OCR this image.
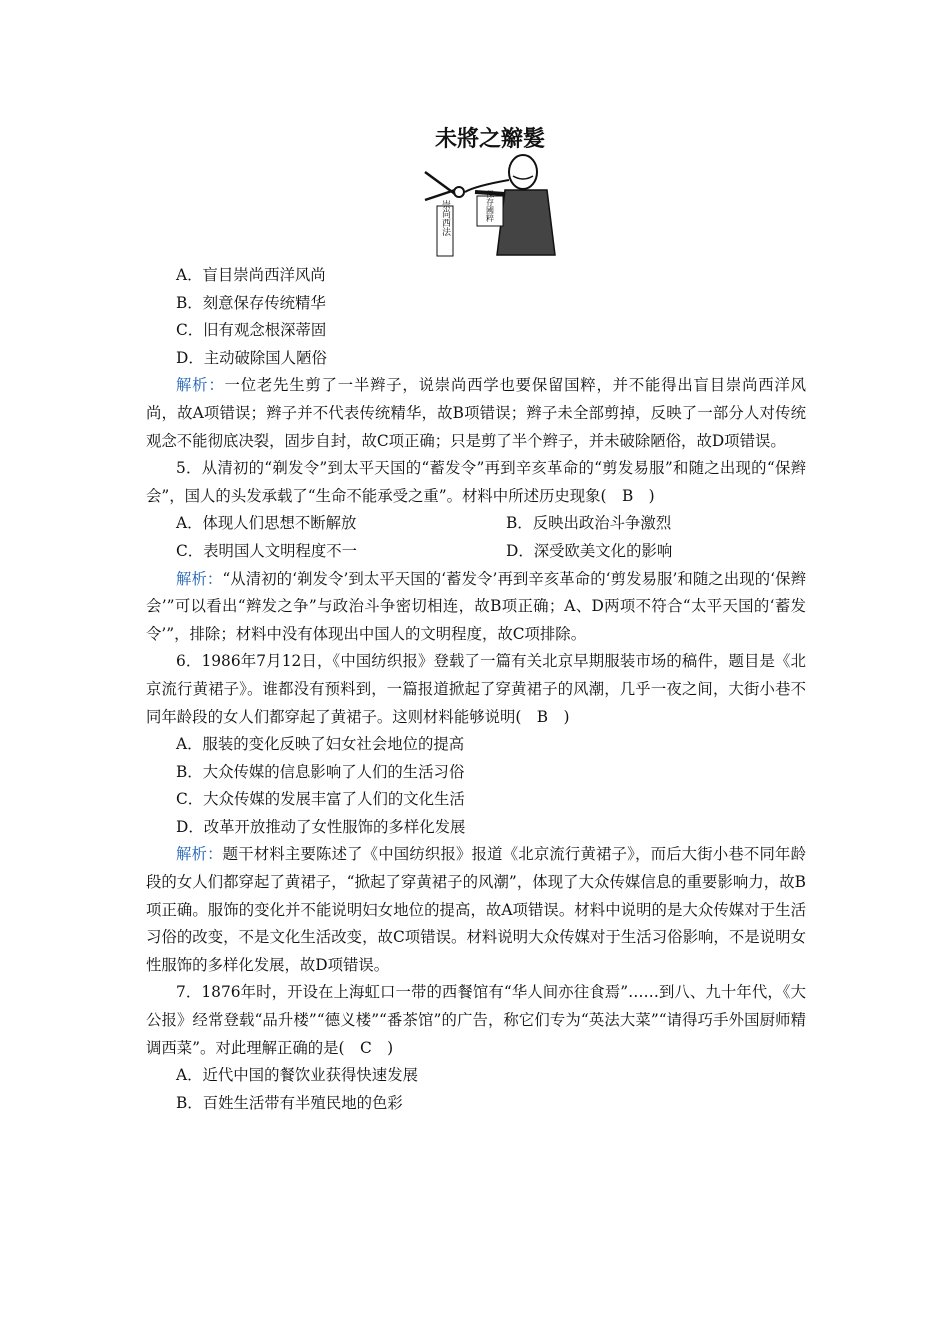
未將之辮髮
崇尚西法	保存國粹
A．盲目崇尚西洋风尚
B．刻意保存传统精华
C．旧有观念根深蒂固
D．主动破除国人陋俗
解析：一位老先生剪了一半辫子，说崇尚西学也要保留国粹，并不能得出盲目崇尚西洋风尚，故A项错误；辫子并不代表传统精华，故B项错误；辫子未全部剪掉，反映了一部分人对传统观念不能彻底决裂，固步自封，故C项正确；只是剪了半个辫子，并未破除陋俗，故D项错误。
5．从清初的“剃发令”到太平天国的“蓄发令”再到辛亥革命的“剪发易服”和随之出现的“保辫会”，国人的头发承载了“生命不能承受之重”。材料中所述历史现象(　B　)
A．体现人们思想不断解放	B．反映出政治斗争激烈
C．表明国人文明程度不一	D．深受欧美文化的影响
解析：“从清初的‘剃发令’到太平天国的‘蓄发令’再到辛亥革命的‘剪发易服’和随之出现的‘保辫会’”可以看出“辫发之争”与政治斗争密切相连，故B项正确；A、D两项不符合“太平天国的‘蓄发令’”，排除；材料中没有体现出中国人的文明程度，故C项排除。
6．1986年7月12日，《中国纺织报》登载了一篇有关北京早期服装市场的稿件，题目是《北京流行黄裙子》。谁都没有预料到，一篇报道掀起了穿黄裙子的风潮，几乎一夜之间，大街小巷不同年龄段的女人们都穿起了黄裙子。这则材料能够说明(　B　)
A．服装的变化反映了妇女社会地位的提高
B．大众传媒的信息影响了人们的生活习俗
C．大众传媒的发展丰富了人们的文化生活
D．改革开放推动了女性服饰的多样化发展
解析：题干材料主要陈述了《中国纺织报》报道《北京流行黄裙子》，而后大街小巷不同年龄段的女人们都穿起了黄裙子，“掀起了穿黄裙子的风潮”，体现了大众传媒信息的重要影响力，故B项正确。服饰的变化并不能说明妇女地位的提高，故A项错误。材料中说明的是大众传媒对于生活习俗的改变，不是文化生活改变，故C项错误。材料说明大众传媒对于生活习俗影响，不是说明女性服饰的多样化发展，故D项错误。
7．1876年时，开设在上海虹口一带的西餐馆有“华人间亦往食焉”……到八、九十年代，《大公报》经常登载“品升楼”“德义楼”“番茶馆”的广告，称它们专为“英法大菜”“请得巧手外国厨师精调西菜”。对此理解正确的是(　C　)
A．近代中国的餐饮业获得快速发展
B．百姓生活带有半殖民地的色彩
